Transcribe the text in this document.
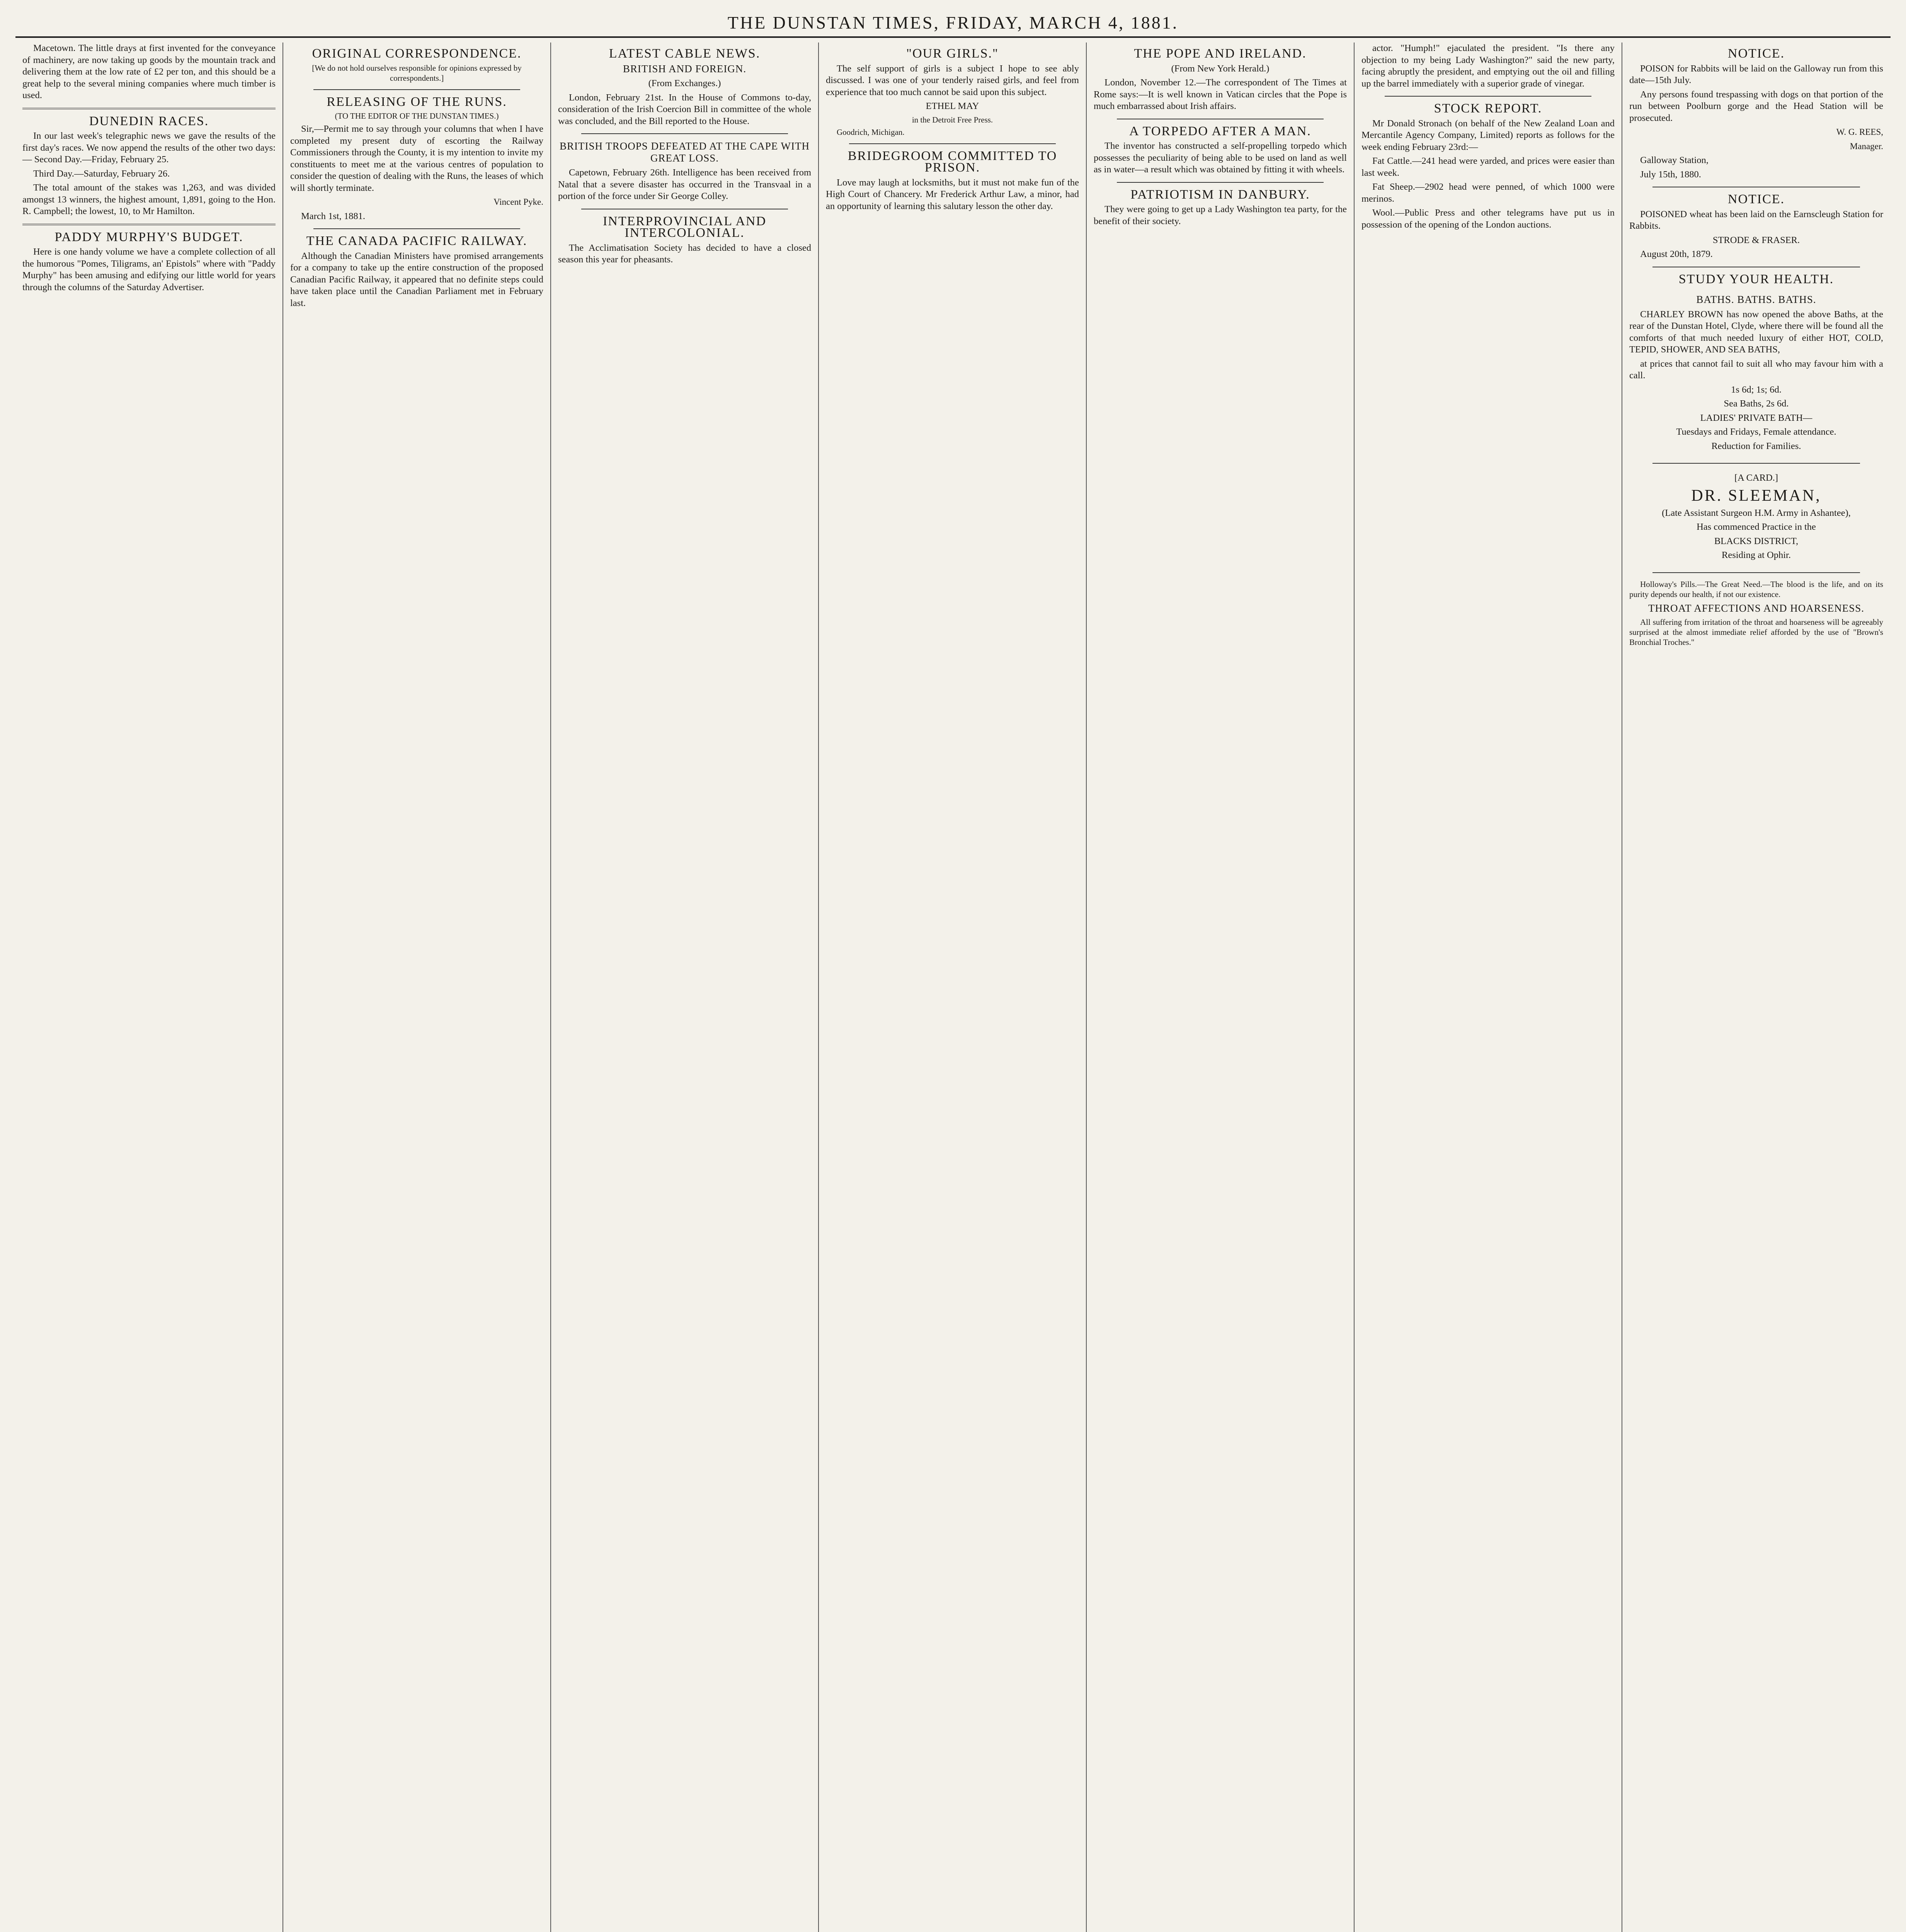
THE DUNSTAN TIMES, FRIDAY, MARCH 4, 1881.

Macetown. The little drays at first invented for the conveyance of machinery, are now taking up goods by the mountain track and delivering them at the low rate of £2 per ton, and this should be a great help to the several mining companies where much timber is used.

DUNEDIN RACES.

In our last week's telegraphic news we gave the results of the first day's races. We now append the results of the other two days:— Second Day.—Friday, February 25.

Third Day.—Saturday, February 26.

The total amount of the stakes was 1,263, and was divided amongst 13 winners, the highest amount, 1,891, going to the Hon. R. Campbell; the lowest, 10, to Mr Hamilton.

PADDY MURPHY'S BUDGET.

Here is one handy volume we have a complete collection of all the humorous "Pomes, Tiligrams, an' Epistols" where with "Paddy Murphy" has been amusing and edifying our little world for years through the columns of the Saturday Advertiser.

ORIGINAL CORRESPONDENCE.

[We do not hold ourselves responsible for opinions expressed by correspondents.]

RELEASING OF THE RUNS.

(TO THE EDITOR OF THE DUNSTAN TIMES.)

Sir,—Permit me to say through your columns that when I have completed my present duty of escorting the Railway Commissioners through the County, it is my intention to invite my constituents to meet me at the various centres of population to consider the question of dealing with the Runs, the leases of which will shortly terminate.

Vincent Pyke.

March 1st, 1881.

THE CANADA PACIFIC RAILWAY.

Although the Canadian Ministers have promised arrangements for a company to take up the entire construction of the proposed Canadian Pacific Railway, it appeared that no definite steps could have taken place until the Canadian Parliament met in February last.

LATEST CABLE NEWS.
BRITISH AND FOREIGN.

(From Exchanges.)

London, February 21st. In the House of Commons to-day, consideration of the Irish Coercion Bill in committee of the whole was concluded, and the Bill reported to the House.

BRITISH TROOPS DEFEATED AT THE CAPE WITH GREAT LOSS.

Capetown, February 26th. Intelligence has been received from Natal that a severe disaster has occurred in the Transvaal in a portion of the force under Sir George Colley.

INTERPROVINCIAL AND INTERCOLONIAL.

The Acclimatisation Society has decided to have a closed season this year for pheasants.

"OUR GIRLS."

The self support of girls is a subject I hope to see ably discussed. I was one of your tenderly raised girls, and feel from experience that too much cannot be said upon this subject.

ETHEL MAY

in the Detroit Free Press.

Goodrich, Michigan.

BRIDEGROOM COMMITTED TO PRISON.

Love may laugh at locksmiths, but it must not make fun of the High Court of Chancery. Mr Frederick Arthur Law, a minor, had an opportunity of learning this salutary lesson the other day.

THE POPE AND IRELAND.

(From New York Herald.)

London, November 12.—The correspondent of The Times at Rome says:—It is well known in Vatican circles that the Pope is much embarrassed about Irish affairs.

A TORPEDO AFTER A MAN.

The inventor has constructed a self-propelling torpedo which possesses the peculiarity of being able to be used on land as well as in water—a result which was obtained by fitting it with wheels.

PATRIOTISM IN DANBURY.

They were going to get up a Lady Washington tea party, for the benefit of their society.

actor. "Humph!" ejaculated the president. "Is there any objection to my being Lady Washington?" said the new party, facing abruptly the president, and emptying out the oil and filling up the barrel immediately with a superior grade of vinegar.

STOCK REPORT.

Mr Donald Stronach (on behalf of the New Zealand Loan and Mercantile Agency Company, Limited) reports as follows for the week ending February 23rd:—

Fat Cattle.—241 head were yarded, and prices were easier than last week.

Fat Sheep.—2902 head were penned, of which 1000 were merinos.

Wool.—Public Press and other telegrams have put us in possession of the opening of the London auctions.

NOTICE.

POISON for Rabbits will be laid on the Galloway run from this date—15th July.

Any persons found trespassing with dogs on that portion of the run between Poolburn gorge and the Head Station will be prosecuted.

W. G. REES,

Manager.

Galloway Station,

July 15th, 1880.

NOTICE.

POISONED wheat has been laid on the Earnscleugh Station for Rabbits.

STRODE & FRASER.

August 20th, 1879.

STUDY YOUR HEALTH.
BATHS. BATHS. BATHS.

CHARLEY BROWN has now opened the above Baths, at the rear of the Dunstan Hotel, Clyde, where there will be found all the comforts of that much needed luxury of either HOT, COLD, TEPID, SHOWER, AND SEA BATHS,

at prices that cannot fail to suit all who may favour him with a call.

1s 6d; 1s; 6d.

Sea Baths, 2s 6d.

LADIES' PRIVATE BATH—

Tuesdays and Fridays, Female attendance.

Reduction for Families.

[A CARD.]

DR. SLEEMAN,

(Late Assistant Surgeon H.M. Army in Ashantee),

Has commenced Practice in the

BLACKS DISTRICT,

Residing at Ophir.

Holloway's Pills.—The Great Need.—The blood is the life, and on its purity depends our health, if not our existence.

THROAT AFFECTIONS AND HOARSENESS.

All suffering from irritation of the throat and hoarseness will be agreeably surprised at the almost immediate relief afforded by the use of "Brown's Bronchial Troches."
